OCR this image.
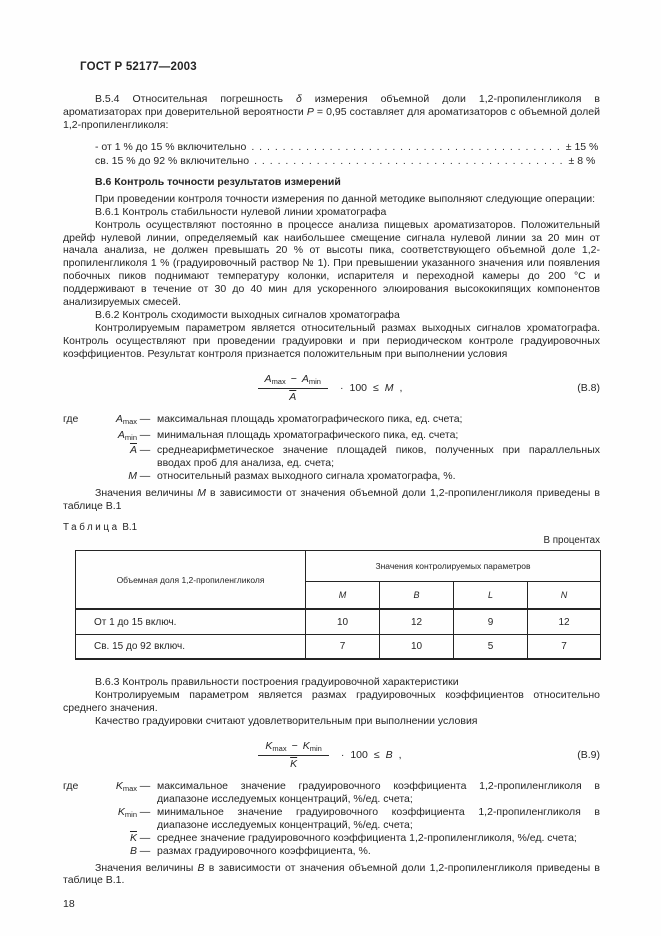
ГОСТ Р 52177—2003

В.5.4 Относительная погрешность δ измерения объемной доли 1,2-пропиленгликоля в ароматизаторах при доверительной вероятности Р = 0,95 составляет для ароматизаторов с объемной долей 1,2-пропиленгликоля:

- от 1 % до 15 % включительно . . . . . . . . . . . . . . . . . . . . . . . . . . . . . . . . . . . . . . . . ± 15 %
св. 15 % до 92 % включительно . . . . . . . . . . . . . . . . . . . . . . . . . . . . . . . . . . . . . . . . ± 8 %

В.6 Контроль точности результатов измерений

При проведении контроля точности измерения по данной методике выполняют следующие операции:

В.6.1 Контроль стабильности нулевой линии хроматографа

Контроль осуществляют постоянно в процессе анализа пищевых ароматизаторов. Положительный дрейф нулевой линии, определяемый как наибольшее смещение сигнала нулевой линии за 20 мин от начала анализа, не должен превышать 20 % от высоты пика, соответствующего объемной доле 1,2-пропиленгликоля 1 % (градуировочный раствор № 1). При превышении указанного значения или появления побочных пиков поднимают температуру колонки, испарителя и переходной камеры до 200 °С и поддерживают в течение от 30 до 40 мин для ускоренного элюирования высококипящих компонентов анализируемых смесей.

В.6.2 Контроль сходимости выходных сигналов хроматографа

Контролируемым параметром является относительный размах выходных сигналов хроматографа. Контроль осуществляют при проведении градуировки и при периодическом контроле градуировочных коэффициентов. Результат контроля признается положительным при выполнении условия

$\frac{A_{max} - A_{min}}{A} \cdot 100 \le M$ ,	(В.8)
где	$A_{max}$ — максимальная площадь хроматографического пика, ед. счета;
$A_{min}$ — минимальная площадь хроматографического пика, ед. счета;
$\overline{A}$ — среднеарифметическое значение площадей пиков, полученных при параллельных вводах проб для анализа, ед. счета;
M — относительный размах выходного сигнала хроматографа, %.

Значения величины М в зависимости от значения объемной доли 1,2-пропиленгликоля приведены в таблице В.1

Таблица В.1
В процентах
Объемная доля 1,2-пропиленгликоля	Значения контролируемых параметров			
	M	B	L	N
От 1 до 15 включ.	10	12	9	12
Св. 15 до 92 включ.	7	10	5	7

В.6.3 Контроль правильности построения градуировочной характеристики

Контролируемым параметром является размах градуировочных коэффициентов относительно среднего значения.

Качество градуировки считают удовлетворительным при выполнении условия

$\frac{K_{max} - K_{min}}{K} \cdot 100 \le B$ ,	(В.9)
где	$K_{max}$ — максимальное значение градуировочного коэффициента 1,2-пропиленгликоля в диапазоне исследуемых концентраций, %/ед. счета;
$K_{min}$ — минимальное значение градуировочного коэффициента 1,2-пропиленгликоля в диапазоне исследуемых концентраций, %/ед. счета;
$\overline{K}$ — среднее значение градуировочного коэффициента 1,2-пропиленгликоля, %/ед. счета;
В — размах градуировочного коэффициента, %.

Значения величины В в зависимости от значения объемной доли 1,2-пропиленгликоля приведены в таблице В.1.

18
